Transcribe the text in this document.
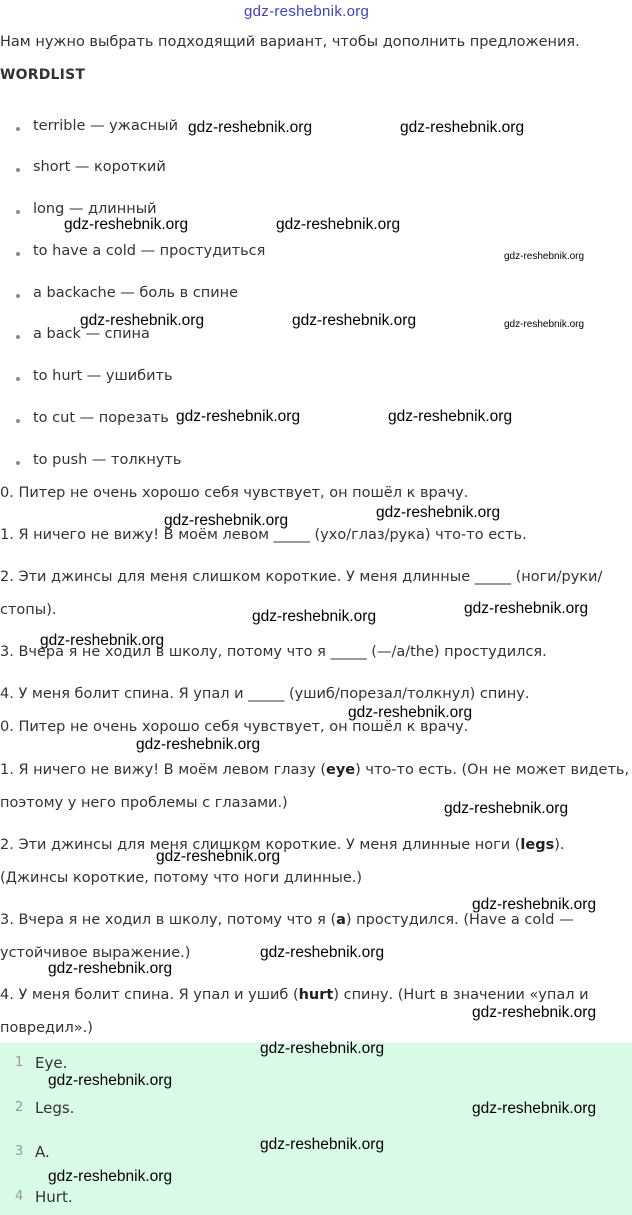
gdz-reshebnik.org
Нам нужно выбрать подходящий вариант, чтобы дополнить предложения.
WORDLIST
terrible — ужасный
short — короткий
long — длинный
to have a cold — простудиться
a backache — боль в спине
a back — спина
to hurt — ушибить
to cut — порезать
to push — толкнуть
0. Питер не очень хорошо себя чувствует, он пошёл к врачу.
1. Я ничего не вижу! В моём левом _____ (ухо/глаз/рука) что-то есть.
2. Эти джинсы для меня слишком короткие. У меня длинные _____ (ноги/руки/
стопы).
3. Вчера я не ходил в школу, потому что я _____ (—/a/the) простудился.
4. У меня болит спина. Я упал и _____ (ушиб/порезал/толкнул) спину.
0. Питер не очень хорошо себя чувствует, он пошёл к врачу.
1. Я ничего не вижу! В моём левом глазу (eye) что-то есть. (Он не может видеть,
поэтому у него проблемы с глазами.)
2. Эти джинсы для меня слишком короткие. У меня длинные ноги (legs).
(Джинсы короткие, потому что ноги длинные.)
3. Вчера я не ходил в школу, потому что я (a) простудился. (Have a cold —
устойчивое выражение.)
4. У меня болит спина. Я упал и ушиб (hurt) спину. (Hurt в значении «упал и
повредил».)
1 Eye.
2 Legs.
3 A.
4 Hurt.
gdz-reshebnik.org	gdz-reshebnik.org
gdz-reshebnik.org	gdz-reshebnik.org
gdz-reshebnik.org
gdz-reshebnik.org	gdz-reshebnik.org	gdz-reshebnik.org
gdz-reshebnik.org	gdz-reshebnik.org
gdz-reshebnik.org
gdz-reshebnik.org
gdz-reshebnik.org
gdz-reshebnik.org
gdz-reshebnik.org
gdz-reshebnik.org
gdz-reshebnik.org
gdz-reshebnik.org
gdz-reshebnik.org
gdz-reshebnik.org
gdz-reshebnik.org
gdz-reshebnik.org
gdz-reshebnik.org
gdz-reshebnik.org
gdz-reshebnik.org
gdz-reshebnik.org
gdz-reshebnik.org
gdz-reshebnik.org
